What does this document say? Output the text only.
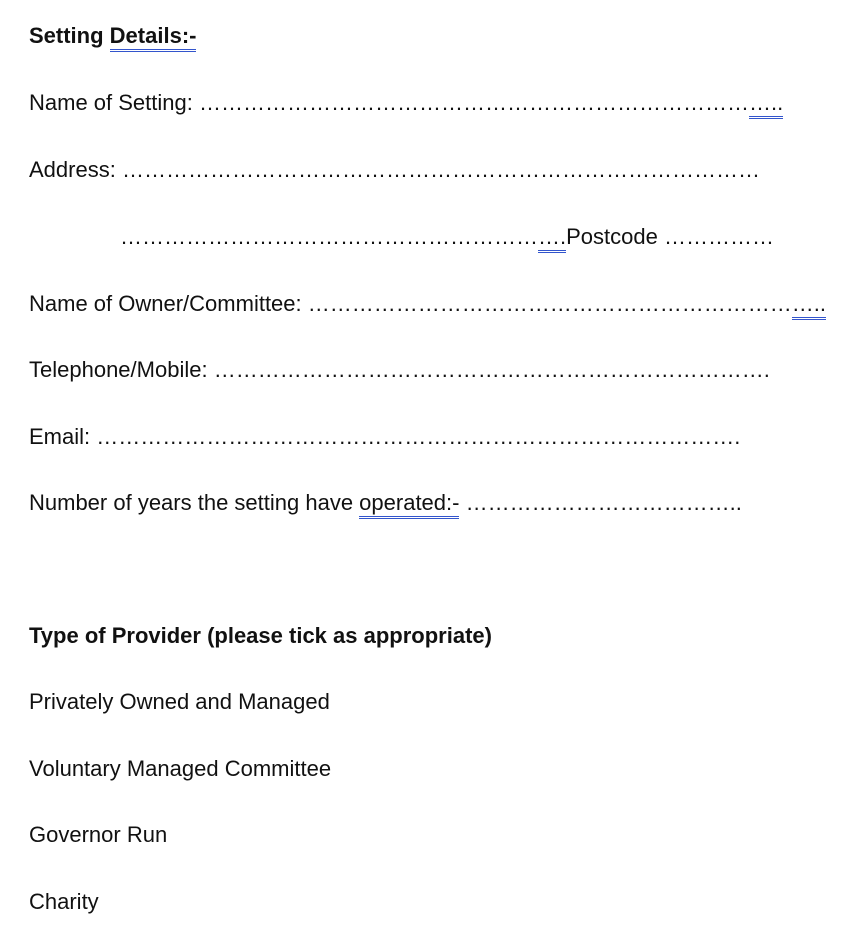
Setting Details:-
Name of Setting: ……………………………………………………………………..
Address: ……………………………………………………………………………
…………………………………………………….Postcode ……………
Name of Owner/Committee: ……………………………………………………………..
Telephone/Mobile: ………………………………………………………………….
Email: …………………………………………………………………………….
Number of years the setting have operated:- ………………………………..
Type of Provider (please tick as appropriate)
Privately Owned and Managed
Voluntary Managed Committee
Governor Run
Charity
